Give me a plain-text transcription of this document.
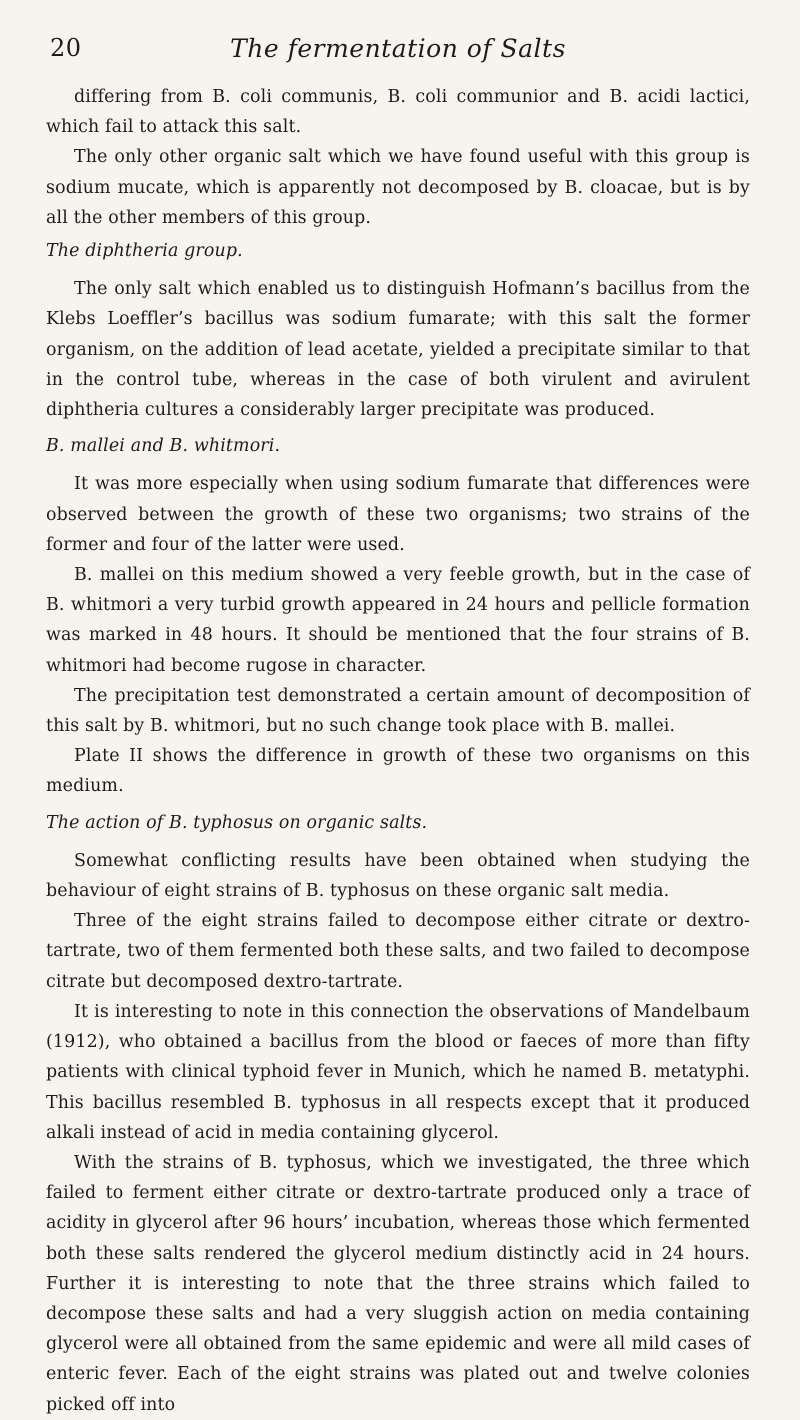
20	The fermentation of Salts

differing from B. coli communis, B. coli communior and B. acidi lactici, which fail to attack this salt.

The only other organic salt which we have found useful with this group is sodium mucate, which is apparently not decomposed by B. cloacae, but is by all the other members of this group.

The diphtheria group.

The only salt which enabled us to distinguish Hofmann’s bacillus from the Klebs Loeffler’s bacillus was sodium fumarate; with this salt the former organism, on the addition of lead acetate, yielded a precipitate similar to that in the control tube, whereas in the case of both virulent and avirulent diphtheria cultures a considerably larger precipitate was produced.

B. mallei and B. whitmori.

It was more especially when using sodium fumarate that differences were observed between the growth of these two organisms; two strains of the former and four of the latter were used.

B. mallei on this medium showed a very feeble growth, but in the case of B. whitmori a very turbid growth appeared in 24 hours and pellicle formation was marked in 48 hours. It should be mentioned that the four strains of B. whitmori had become rugose in character.

The precipitation test demonstrated a certain amount of decomposition of this salt by B. whitmori, but no such change took place with B. mallei.

Plate II shows the difference in growth of these two organisms on this medium.

The action of B. typhosus on organic salts.

Somewhat conflicting results have been obtained when studying the behaviour of eight strains of B. typhosus on these organic salt media.

Three of the eight strains failed to decompose either citrate or dextro-tartrate, two of them fermented both these salts, and two failed to decompose citrate but decomposed dextro-tartrate.

It is interesting to note in this connection the observations of Mandelbaum (1912), who obtained a bacillus from the blood or faeces of more than fifty patients with clinical typhoid fever in Munich, which he named B. metatyphi. This bacillus resembled B. typhosus in all respects except that it produced alkali instead of acid in media containing glycerol.

With the strains of B. typhosus, which we investigated, the three which failed to ferment either citrate or dextro-tartrate produced only a trace of acidity in glycerol after 96 hours’ incubation, whereas those which fermented both these salts rendered the glycerol medium distinctly acid in 24 hours. Further it is interesting to note that the three strains which failed to decompose these salts and had a very sluggish action on media containing glycerol were all obtained from the same epidemic and were all mild cases of enteric fever. Each of the eight strains was plated out and twelve colonies picked off into
